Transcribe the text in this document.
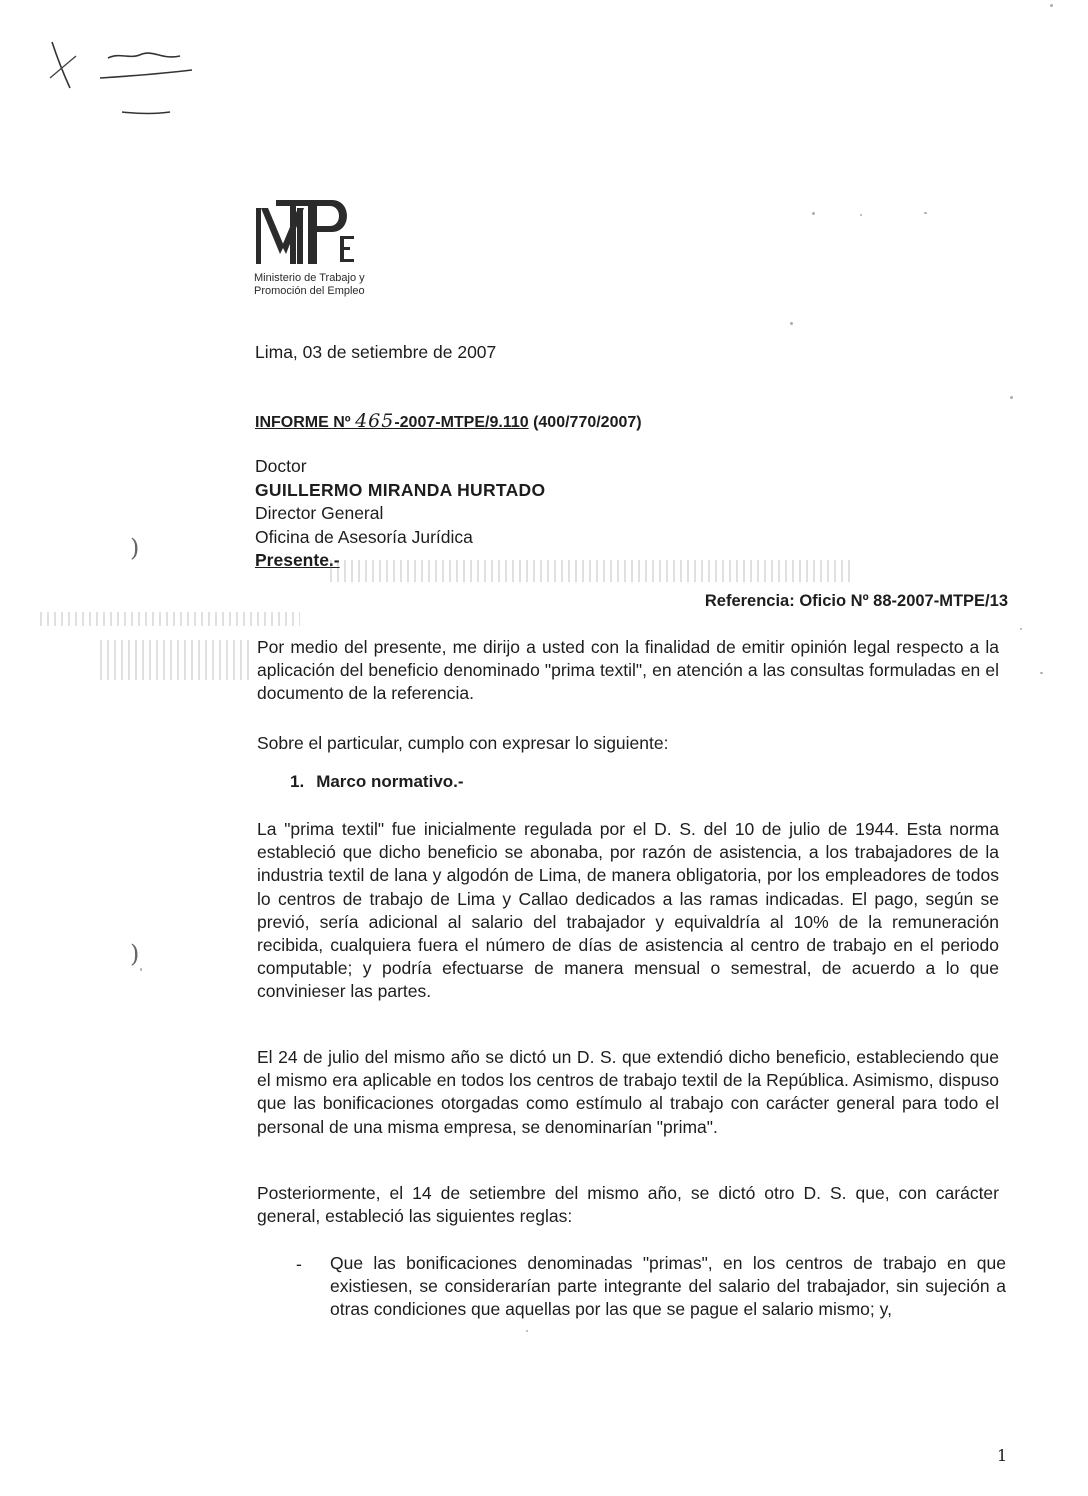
Ministerio de Trabajo y
Promoción del Empleo
Lima, 03 de setiembre de 2007
INFORME Nº 465-2007-MTPE/9.110 (400/770/2007)
Doctor
GUILLERMO MIRANDA HURTADO
Director General
Oficina de Asesoría Jurídica
Presente.-
Referencia: Oficio Nº 88-2007-MTPE/13
Por medio del presente, me dirijo a usted con la finalidad de emitir opinión legal respecto a la aplicación del beneficio denominado "prima textil", en atención a las consultas formuladas en el documento de la referencia.
Sobre el particular, cumplo con expresar lo siguiente:
1. Marco normativo.-
La "prima textil" fue inicialmente regulada por el D. S. del 10 de julio de 1944. Esta norma estableció que dicho beneficio se abonaba, por razón de asistencia, a los trabajadores de la industria textil de lana y algodón de Lima, de manera obligatoria, por los empleadores de todos lo centros de trabajo de Lima y Callao dedicados a las ramas indicadas. El pago, según se previó, sería adicional al salario del trabajador y equivaldría al 10% de la remuneración recibida, cualquiera fuera el número de días de asistencia al centro de trabajo en el periodo computable; y podría efectuarse de manera mensual o semestral, de acuerdo a lo que convinieser las partes.
El 24 de julio del mismo año se dictó un D. S. que extendió dicho beneficio, estableciendo que el mismo era aplicable en todos los centros de trabajo textil de la República. Asimismo, dispuso que las bonificaciones otorgadas como estímulo al trabajo con carácter general para todo el personal de una misma empresa, se denominarían "prima".
Posteriormente, el 14 de setiembre del mismo año, se dictó otro D. S. que, con carácter general, estableció las siguientes reglas:
- Que las bonificaciones denominadas "primas", en los centros de trabajo en que existiesen, se considerarían parte integrante del salario del trabajador, sin sujeción a otras condiciones que aquellas por las que se pague el salario mismo; y,
1
)
)
